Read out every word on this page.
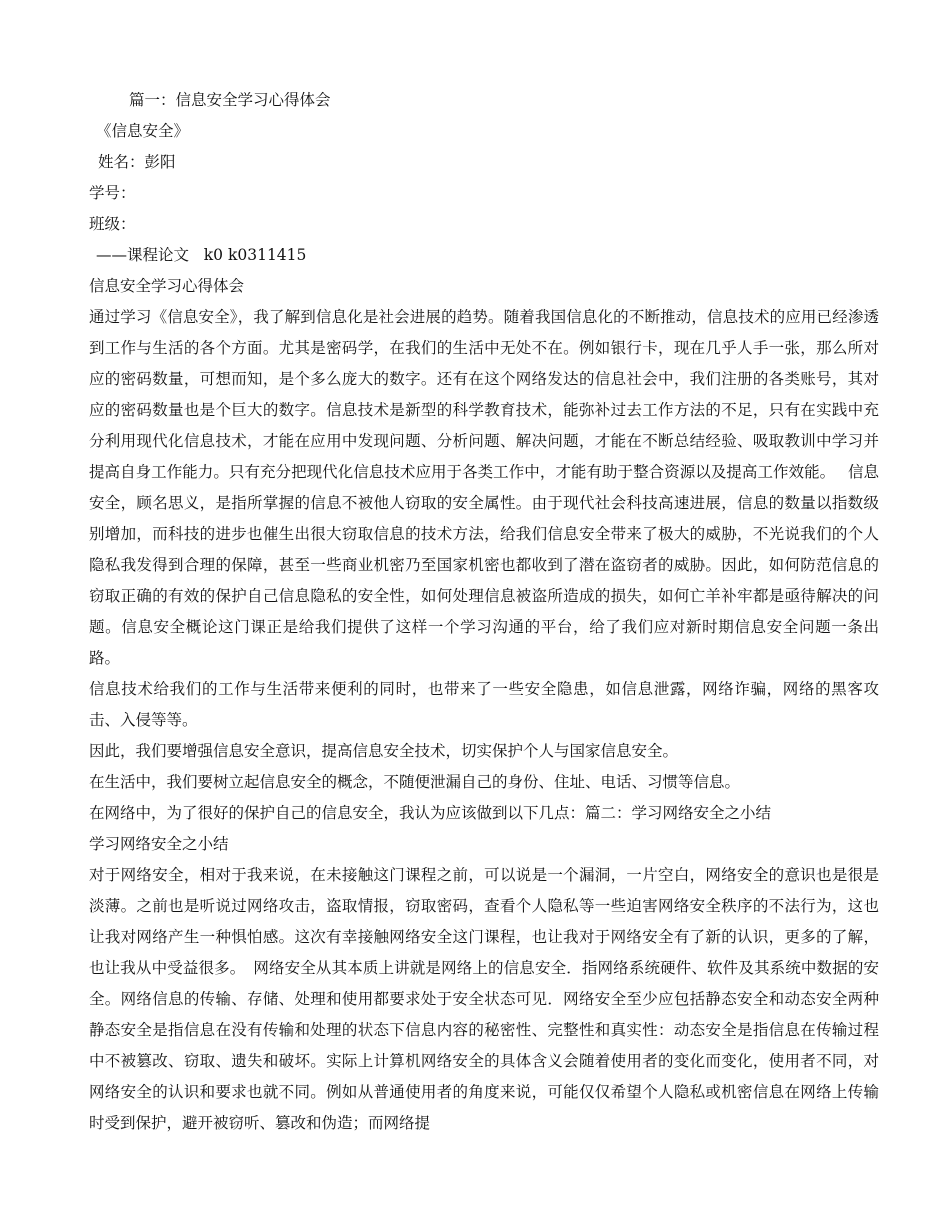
篇一：信息安全学习心得体会

《信息安全》

姓名：彭阳

学号：

班级：

——课程论文   k0 k0311415

信息安全学习心得体会

通过学习《信息安全》，我了解到信息化是社会进展的趋势。随着我国信息化的不断推动，信息技术的应用已经渗透到工作与生活的各个方面。尤其是密码学，在我们的生活中无处不在。例如银行卡，现在几乎人手一张，那么所对应的密码数量，可想而知，是个多么庞大的数字。还有在这个网络发达的信息社会中，我们注册的各类账号，其对应的密码数量也是个巨大的数字。信息技术是新型的科学教育技术，能弥补过去工作方法的不足，只有在实践中充分利用现代化信息技术，才能在应用中发现问题、分析问题、解决问题，才能在不断总结经验、吸取教训中学习并提高自身工作能力。只有充分把现代化信息技术应用于各类工作中，才能有助于整合资源以及提高工作效能。　 信息安全，顾名思义，是指所掌握的信息不被他人窃取的安全属性。由于现代社会科技高速进展，信息的数量以指数级别增加，而科技的进步也催生出很大窃取信息的技术方法，给我们信息安全带来了极大的威胁，不光说我们的个人隐私我发得到合理的保障，甚至一些商业机密乃至国家机密也都收到了潜在盗窃者的威胁。因此，如何防范信息的窃取正确的有效的保护自己信息隐私的安全性，如何处理信息被盗所造成的损失，如何亡羊补牢都是亟待解决的问题。信息安全概论这门课正是给我们提供了这样一个学习沟通的平台，给了我们应对新时期信息安全问题一条出路。

信息技术给我们的工作与生活带来便利的同时，也带来了一些安全隐患，如信息泄露，网络诈骗，网络的黑客攻击、入侵等等。

因此，我们要增强信息安全意识，提高信息安全技术，切实保护个人与国家信息安全。

在生活中，我们要树立起信息安全的概念，不随便泄漏自己的身份、住址、电话、习惯等信息。

在网络中，为了很好的保护自己的信息安全，我认为应该做到以下几点：篇二：学习网络安全之小结

学习网络安全之小结

对于网络安全，相对于我来说，在未接触这门课程之前，可以说是一个漏洞，一片空白，网络安全的意识也是很是淡薄。之前也是听说过网络攻击，盗取情报，窃取密码，查看个人隐私等一些迫害网络安全秩序的不法行为，这也让我对网络产生一种惧怕感。这次有幸接触网络安全这门课程，也让我对于网络安全有了新的认识，更多的了解，也让我从中受益很多。　网络安全从其本质上讲就是网络上的信息安全．指网络系统硬件、软件及其系统中数据的安全。网络信息的传输、存储、处理和使用都要求处于安全状态可见．网络安全至少应包括静态安全和动态安全两种静态安全是指信息在没有传输和处理的状态下信息内容的秘密性、完整性和真实性：动态安全是指信息在传输过程中不被篡改、窃取、遗失和破坏。实际上计算机网络安全的具体含义会随着使用者的变化而变化，使用者不同，对网络安全的认识和要求也就不同。例如从普通使用者的角度来说，可能仅仅希望个人隐私或机密信息在网络上传输时受到保护，避开被窃听、篡改和伪造；而网络提
